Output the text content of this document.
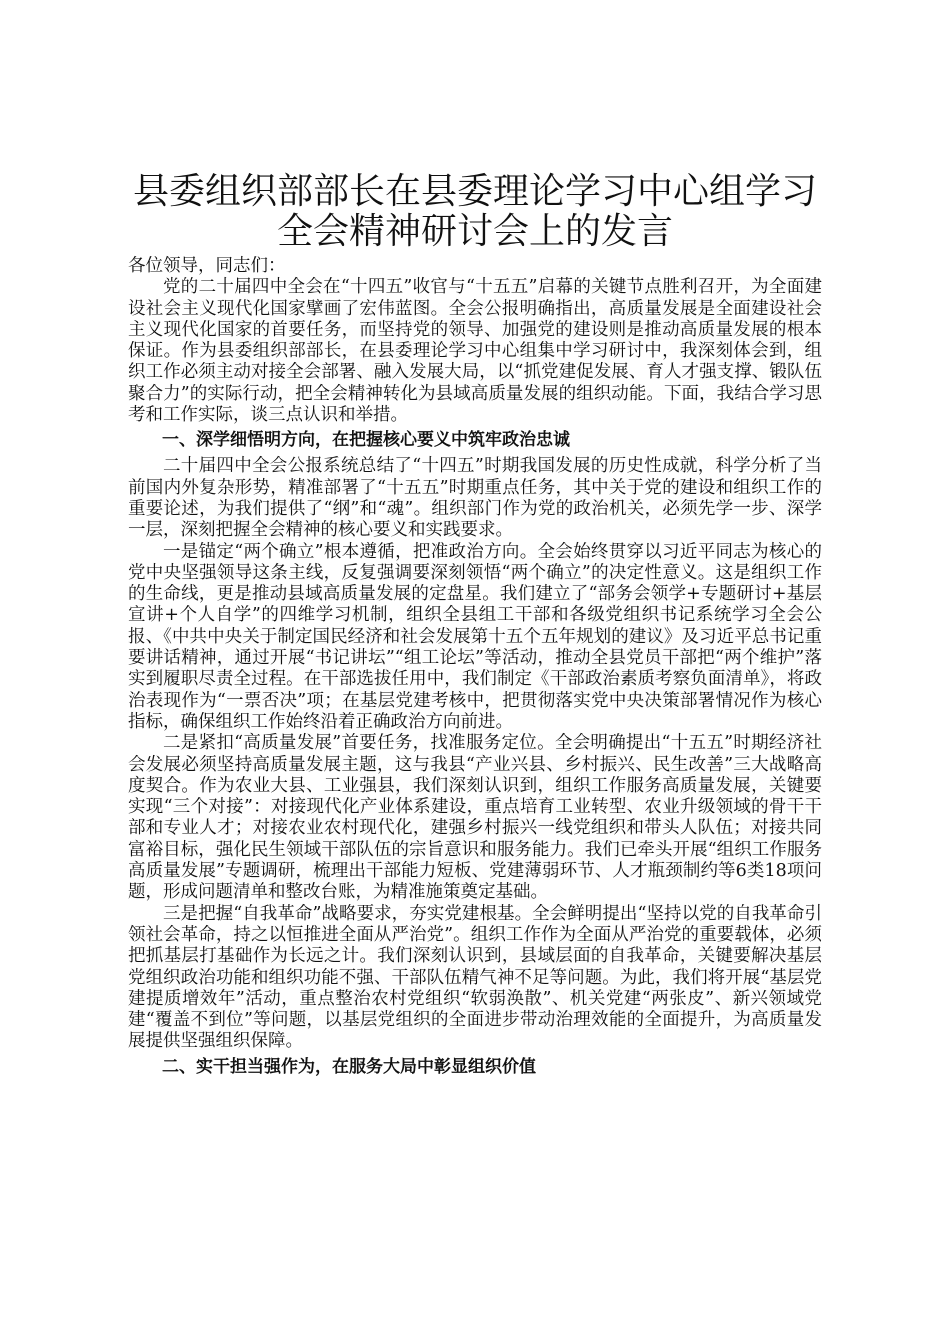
县委组织部部长在县委理论学习中心组学习全会精神研讨会上的发言
各位领导，同志们：

党的二十届四中全会在“十四五”收官与“十五五”启幕的关键节点胜利召开，为全面建设社会主义现代化国家擘画了宏伟蓝图。全会公报明确指出，高质量发展是全面建设社会主义现代化国家的首要任务，而坚持党的领导、加强党的建设则是推动高质量发展的根本保证。作为县委组织部部长，在县委理论学习中心组集中学习研讨中，我深刻体会到，组织工作必须主动对接全会部署、融入发展大局，以“抓党建促发展、育人才强支撑、锻队伍聚合力”的实际行动，把全会精神转化为县域高质量发展的组织动能。下面，我结合学习思考和工作实际，谈三点认识和举措。

一、深学细悟明方向，在把握核心要义中筑牢政治忠诚

二十届四中全会公报系统总结了“十四五”时期我国发展的历史性成就，科学分析了当前国内外复杂形势，精准部署了“十五五”时期重点任务，其中关于党的建设和组织工作的重要论述，为我们提供了“纲”和“魂”。组织部门作为党的政治机关，必须先学一步、深学一层，深刻把握全会精神的核心要义和实践要求。

一是锚定“两个确立”根本遵循，把准政治方向。全会始终贯穿以习近平同志为核心的党中央坚强领导这条主线，反复强调要深刻领悟“两个确立”的决定性意义。这是组织工作的生命线，更是推动县域高质量发展的定盘星。我们建立了“部务会领学+专题研讨+基层宣讲+个人自学”的四维学习机制，组织全县组工干部和各级党组织书记系统学习全会公报、《中共中央关于制定国民经济和社会发展第十五个五年规划的建议》及习近平总书记重要讲话精神，通过开展“书记讲坛”“组工论坛”等活动，推动全县党员干部把“两个维护”落实到履职尽责全过程。在干部选拔任用中，我们制定《干部政治素质考察负面清单》，将政治表现作为“一票否决”项；在基层党建考核中，把贯彻落实党中央决策部署情况作为核心指标，确保组织工作始终沿着正确政治方向前进。

二是紧扣“高质量发展”首要任务，找准服务定位。全会明确提出“十五五”时期经济社会发展必须坚持高质量发展主题，这与我县“产业兴县、乡村振兴、民生改善”三大战略高度契合。作为农业大县、工业强县，我们深刻认识到，组织工作服务高质量发展，关键要实现“三个对接”：对接现代化产业体系建设，重点培育工业转型、农业升级领域的骨干干部和专业人才；对接农业农村现代化，建强乡村振兴一线党组织和带头人队伍；对接共同富裕目标，强化民生领域干部队伍的宗旨意识和服务能力。我们已牵头开展“组织工作服务高质量发展”专题调研，梳理出干部能力短板、党建薄弱环节、人才瓶颈制约等6类18项问题，形成问题清单和整改台账，为精准施策奠定基础。

三是把握“自我革命”战略要求，夯实党建根基。全会鲜明提出“坚持以党的自我革命引领社会革命，持之以恒推进全面从严治党”。组织工作作为全面从严治党的重要载体，必须把抓基层打基础作为长远之计。我们深刻认识到，县域层面的自我革命，关键要解决基层党组织政治功能和组织功能不强、干部队伍精气神不足等问题。为此，我们将开展“基层党建提质增效年”活动，重点整治农村党组织“软弱涣散”、机关党建“两张皮”、新兴领域党建“覆盖不到位”等问题，以基层党组织的全面进步带动治理效能的全面提升，为高质量发展提供坚强组织保障。

二、实干担当强作为，在服务大局中彰显组织价值
